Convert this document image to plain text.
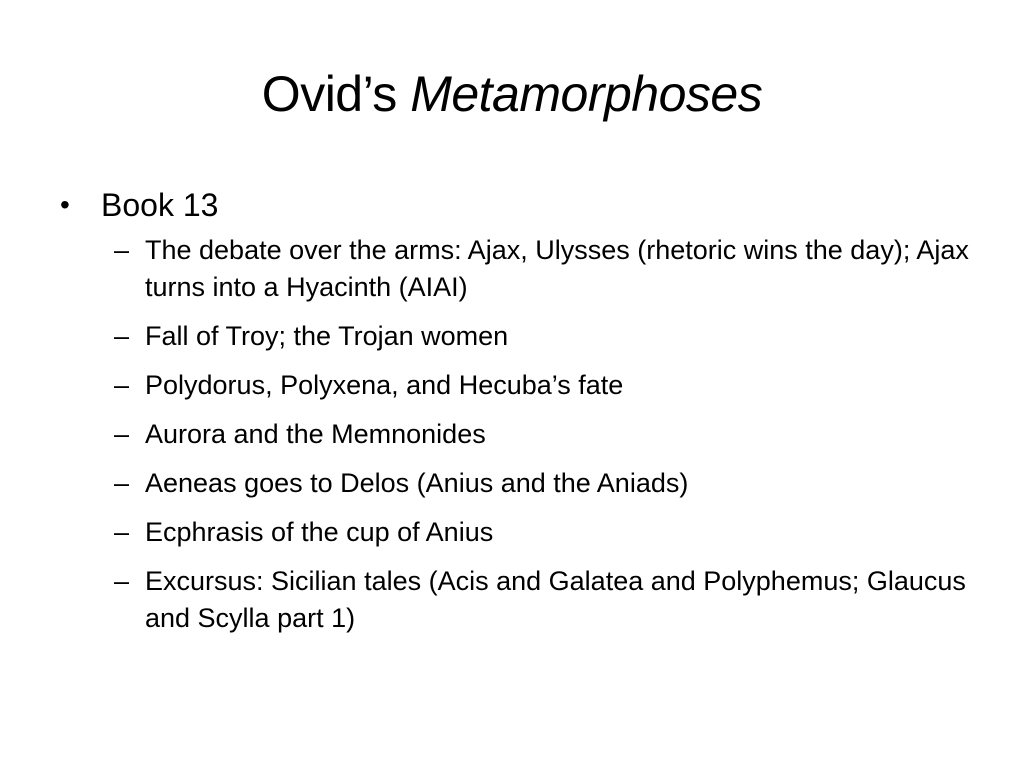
Ovid’s Metamorphoses
• Book 13
– The debate over the arms: Ajax, Ulysses (rhetoric wins the day); Ajax turns into a Hyacinth (AIAI)
– Fall of Troy; the Trojan women
– Polydorus, Polyxena, and Hecuba’s fate
– Aurora and the Memnonides
– Aeneas goes to Delos (Anius and the Aniads)
– Ecphrasis of the cup of Anius
– Excursus: Sicilian tales (Acis and Galatea and Polyphemus; Glaucus and Scylla part 1)
